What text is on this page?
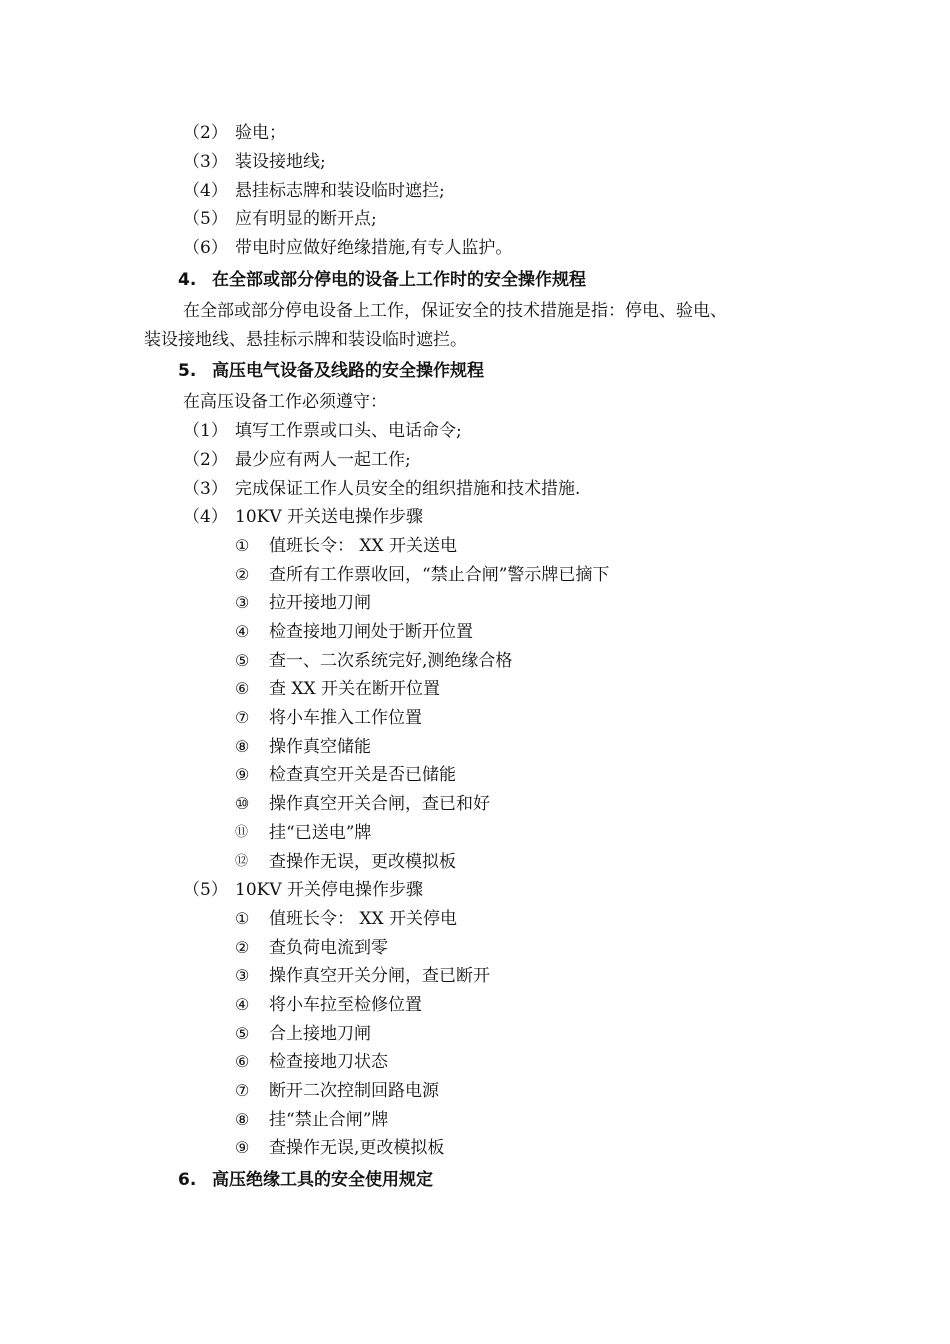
（2） 验电；
（3） 装设接地线;
（4） 悬挂标志牌和装设临时遮拦;
（5） 应有明显的断开点;
（6） 带电时应做好绝缘措施,有专人监护。
4. 在全部或部分停电的设备上工作时的安全操作规程
在全部或部分停电设备上工作，保证安全的技术措施是指：停电、验电、
装设接地线、悬挂标示牌和装设临时遮拦。
5. 高压电气设备及线路的安全操作规程
在高压设备工作必须遵守：
（1） 填写工作票或口头、电话命令;
（2） 最少应有两人一起工作;
（3） 完成保证工作人员安全的组织措施和技术措施.
（4） 10KV 开关送电操作步骤
① 值班长令： XX 开关送电
② 查所有工作票收回，“禁止合闸”警示牌已摘下
③ 拉开接地刀闸
④ 检查接地刀闸处于断开位置
⑤ 查一、二次系统完好,测绝缘合格
⑥ 查 XX 开关在断开位置
⑦ 将小车推入工作位置
⑧ 操作真空储能
⑨ 检查真空开关是否已储能
⑩ 操作真空开关合闸，查已和好
⑪ 挂“已送电”牌
⑫ 查操作无误，更改模拟板
（5） 10KV 开关停电操作步骤
① 值班长令： XX 开关停电
② 查负荷电流到零
③ 操作真空开关分闸，查已断开
④ 将小车拉至检修位置
⑤ 合上接地刀闸
⑥ 检查接地刀状态
⑦ 断开二次控制回路电源
⑧ 挂“禁止合闸”牌
⑨ 查操作无误,更改模拟板
6. 高压绝缘工具的安全使用规定
